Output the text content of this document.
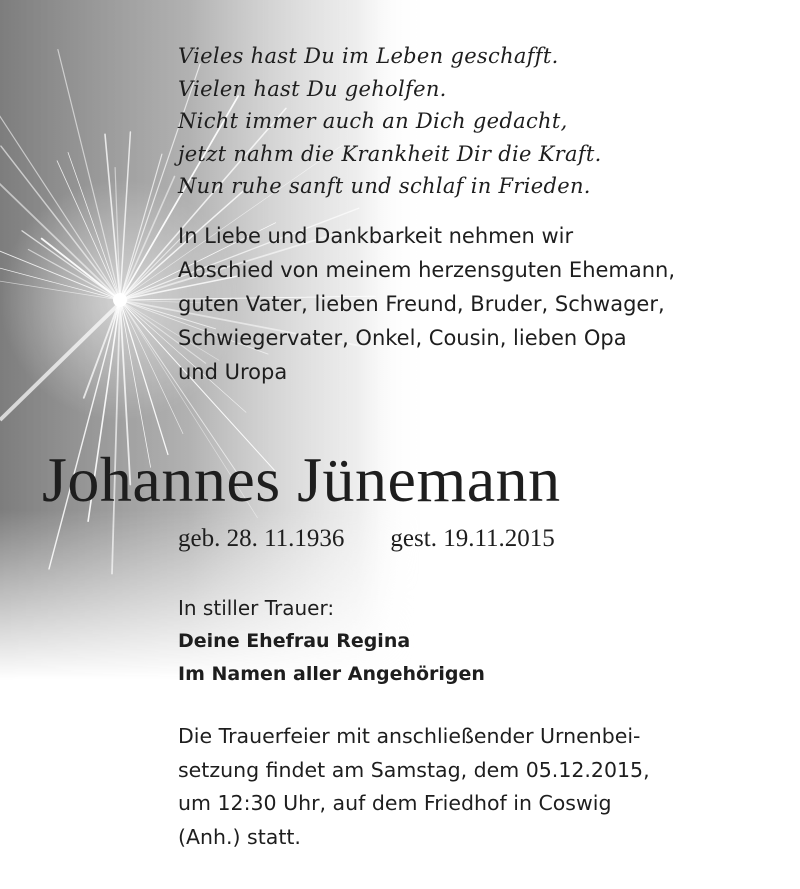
Vieles hast Du im Leben geschafft.
Vielen hast Du geholfen.
Nicht immer auch an Dich gedacht,
jetzt nahm die Krankheit Dir die Kraft.
Nun ruhe sanft und schlaf in Frieden.
In Liebe und Dankbarkeit nehmen wir
Abschied von meinem herzensguten Ehemann,
guten Vater, lieben Freund, Bruder, Schwager,
Schwiegervater, Onkel, Cousin, lieben Opa
und Uropa
Johannes Jünemann
geb. 28. 11.1936 gest. 19.11.2015
In stiller Trauer:
Deine Ehefrau Regina
Im Namen aller Angehörigen
Die Trauerfeier mit anschließender Urnenbei-
setzung findet am Samstag, dem 05.12.2015,
um 12:30 Uhr, auf dem Friedhof in Coswig
(Anh.) statt.
